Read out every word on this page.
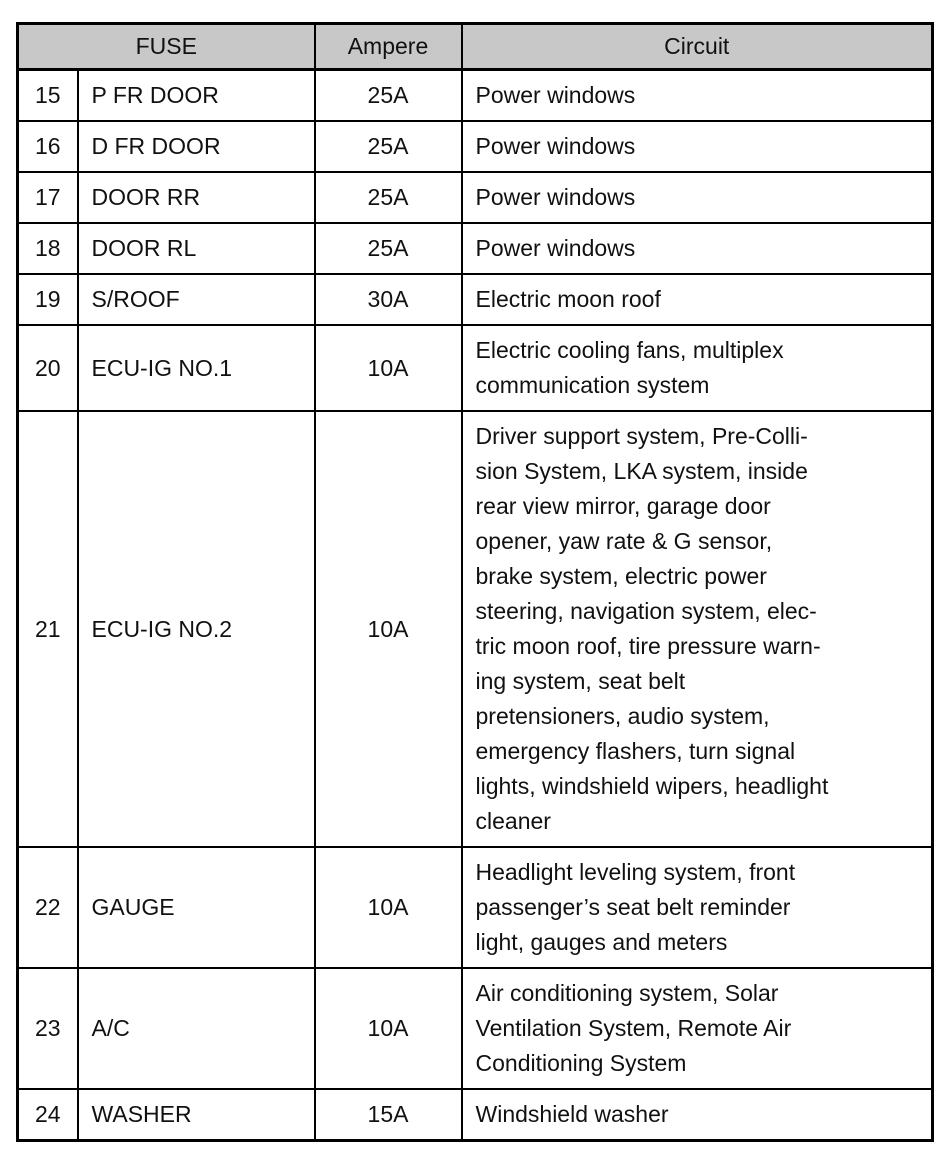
FUSE		Ampere	Circuit
15	P FR DOOR	25A	Power windows
16	D FR DOOR	25A	Power windows
17	DOOR RR	25A	Power windows
18	DOOR RL	25A	Power windows
19	S/ROOF	30A	Electric moon roof
20	ECU-IG NO.1	10A	Electric cooling fans, multiplex
communication system
21	ECU-IG NO.2	10A	Driver support system, Pre-Colli-
sion System, LKA system, inside
rear view mirror, garage door
opener, yaw rate & G sensor,
brake system, electric power
steering, navigation system, elec-
tric moon roof, tire pressure warn-
ing system, seat belt
pretensioners, audio system,
emergency flashers, turn signal
lights, windshield wipers, headlight
cleaner
22	GAUGE	10A	Headlight leveling system, front
passenger’s seat belt reminder
light, gauges and meters
23	A/C	10A	Air conditioning system, Solar
Ventilation System, Remote Air
Conditioning System
24	WASHER	15A	Windshield washer
